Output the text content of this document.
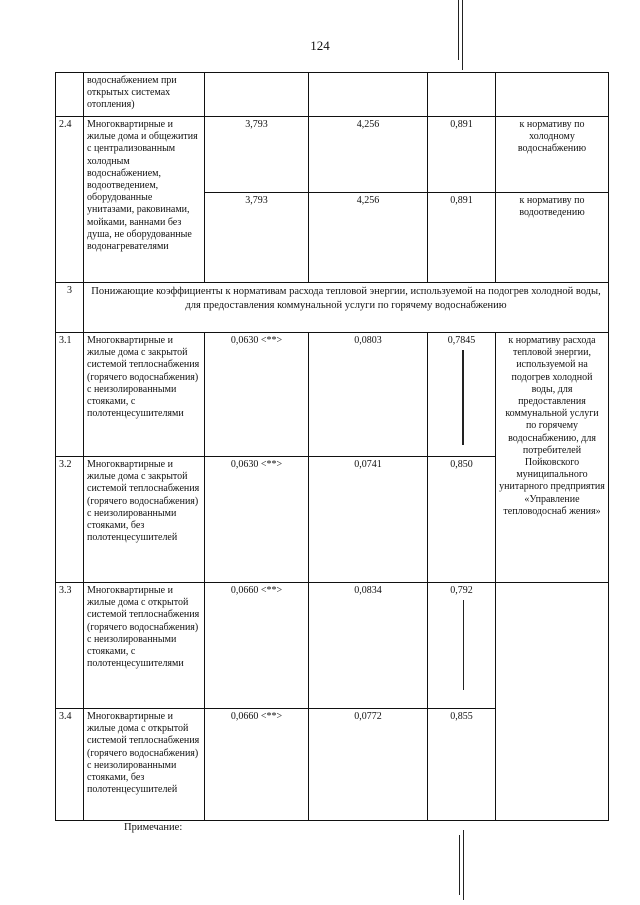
124
	водоснабжением при открытых системах отопления)				
2.4	Многоквартирные и жилые дома и общежития с централизованным холодным водоснабжением, водоотведением, оборудованные унитазами, раковинами, мойками, ваннами без душа, не оборудованные водонагревателями	3,793	4,256	0,891	к нормативу по холодному водоснабжению
		3,793	4,256	0,891	к нормативу по водоотведению
3	Понижающие коэффициенты к нормативам расхода тепловой энергии, используемой на подогрев холодной воды, для предоставления коммунальной услуги по горячему водоснабжению				
3.1	Многоквартирные и жилые дома с закрытой системой теплоснабжения (горячего водоснабжения) с неизолированными стояками, с полотенцесушителями	0,0630 <**>	0,0803	0,7845	к нормативу расхода тепловой энергии, используемой на подогрев холодной воды, для предоставления коммунальной услуги по горячему водоснабжению, для потребителей Пойковского муниципального унитарного предприятия «Управление тепловодоснаб жения»
3.2	Многоквартирные и жилые дома с закрытой системой теплоснабжения (горячего водоснабжения) с неизолированными стояками, без полотенцесушителей	0,0630 <**>	0,0741	0,850	
3.3	Многоквартирные и жилые дома с открытой системой теплоснабжения (горячего водоснабжения) с неизолированными стояками, с полотенцесушителями	0,0660 <**>	0,0834	0,792	
3.4	Многоквартирные и жилые дома с открытой системой теплоснабжения (горячего водоснабжения) с неизолированными стояками, без полотенцесушителей	0,0660 <**>	0,0772	0,855	
Примечание:
